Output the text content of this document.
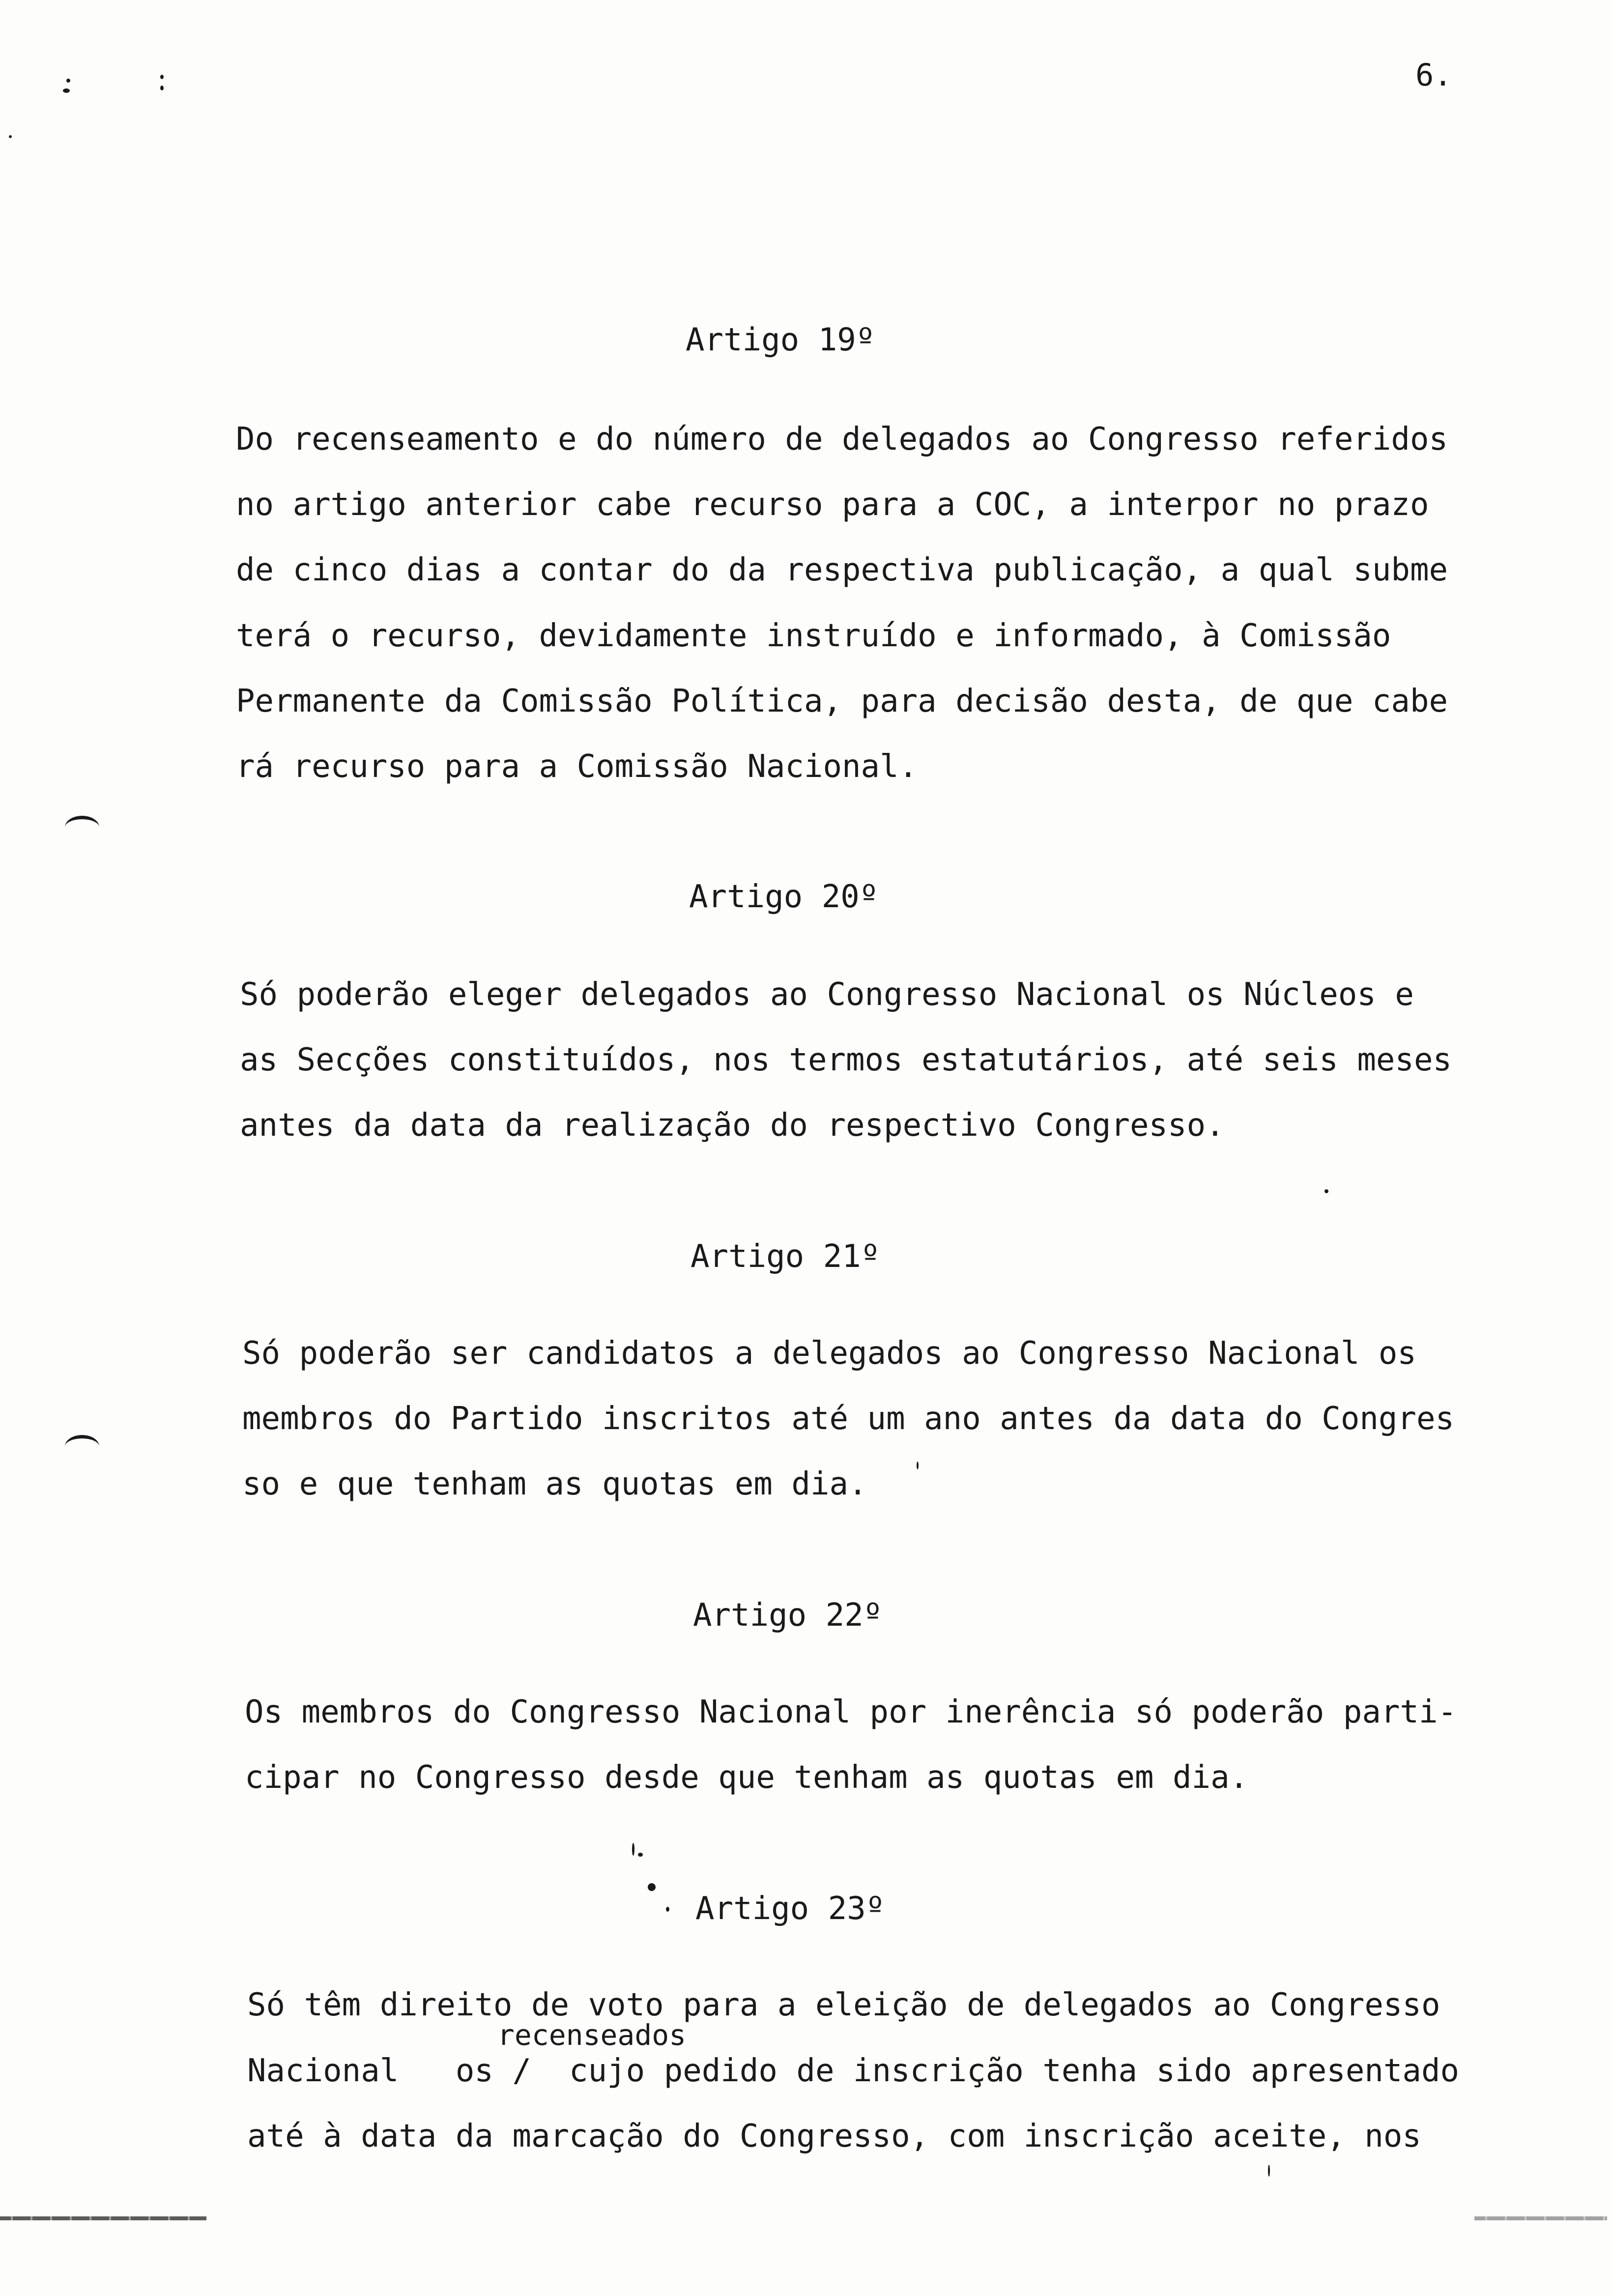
6.
Artigo 19º
Do recenseamento e do número de delegados ao Congresso referidos
no artigo anterior cabe recurso para a COC, a interpor no prazo
de cinco dias a contar do da respectiva publicação, a qual subme
terá o recurso, devidamente instruído e informado, à Comissão
Permanente da Comissão Política, para decisão desta, de que cabe
rá recurso para a Comissão Nacional.
Artigo 20º
Só poderão eleger delegados ao Congresso Nacional os Núcleos e
as Secções constituídos, nos termos estatutários, até seis meses
antes da data da realização do respectivo Congresso.
Artigo 21º
Só poderão ser candidatos a delegados ao Congresso Nacional os
membros do Partido inscritos até um ano antes da data do Congres
so e que tenham as quotas em dia.
Artigo 22º
Os membros do Congresso Nacional por inerência só poderão parti-
cipar no Congresso desde que tenham as quotas em dia.
Artigo 23º
Só têm direito de voto para a eleição de delegados ao Congresso
recenseados
Nacional   os /  cujo pedido de inscrição tenha sido apresentado
até à data da marcação do Congresso, com inscrição aceite, nos
